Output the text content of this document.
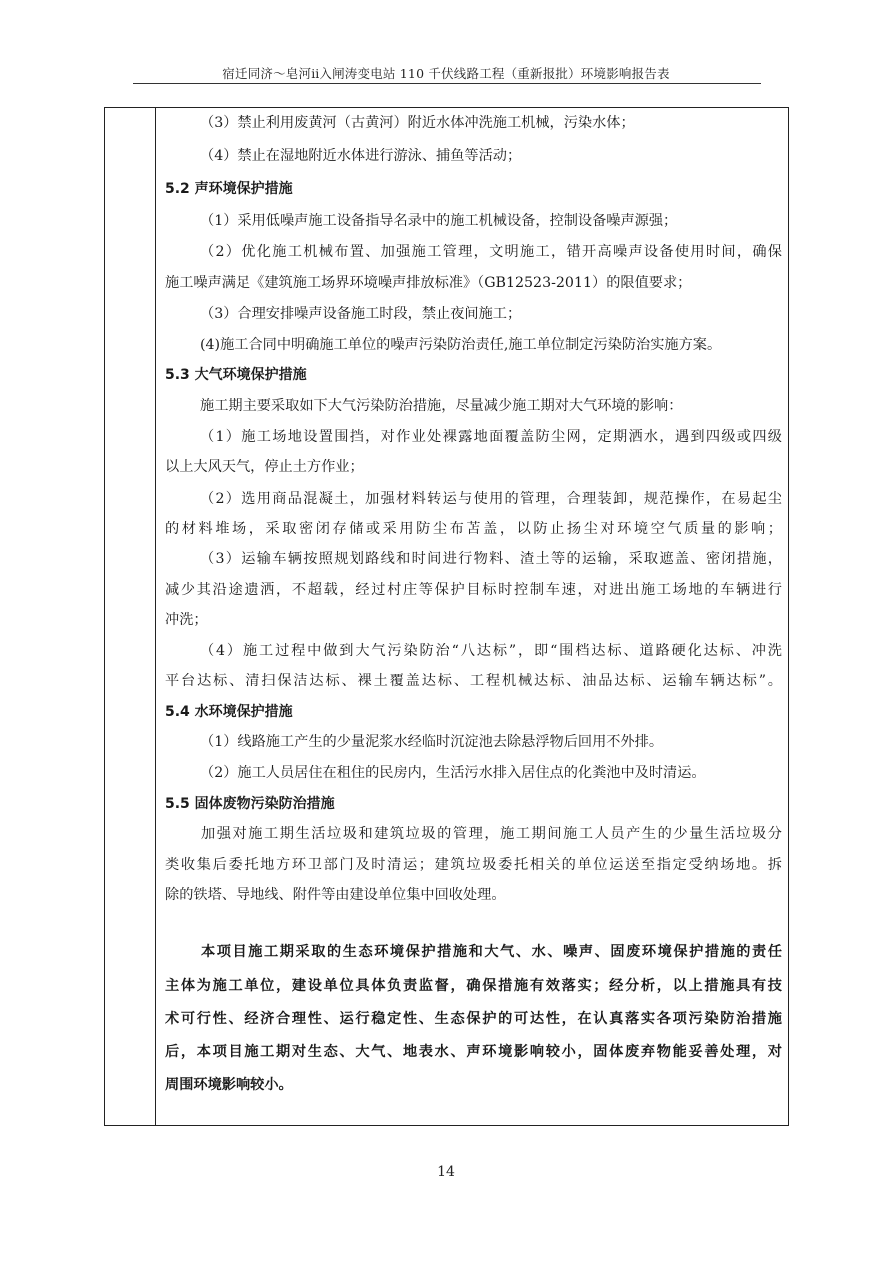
宿迁同济～皂河ⅱ入闸涛变电站 110 千伏线路工程（重新报批）环境影响报告表
（3）禁止利用废黄河（古黄河）附近水体冲洗施工机械，污染水体；
（4）禁止在湿地附近水体进行游泳、捕鱼等活动；
5.2 声环境保护措施
（1）采用低噪声施工设备指导名录中的施工机械设备，控制设备噪声源强；
（2）优化施工机械布置、加强施工管理，文明施工，错开高噪声设备使用时间，确保
施工噪声满足《建筑施工场界环境噪声排放标准》（GB12523-2011）的限值要求；
（3）合理安排噪声设备施工时段，禁止夜间施工；
(4)施工合同中明确施工单位的噪声污染防治责任,施工单位制定污染防治实施方案。
5.3 大气环境保护措施
施工期主要采取如下大气污染防治措施，尽量减少施工期对大气环境的影响：
（1）施工场地设置围挡，对作业处裸露地面覆盖防尘网，定期洒水，遇到四级或四级
以上大风天气，停止土方作业；
（2）选用商品混凝土，加强材料转运与使用的管理，合理装卸，规范操作，在易起尘
的材料堆场，采取密闭存储或采用防尘布苫盖，以防止扬尘对环境空气质量的影响；
（3）运输车辆按照规划路线和时间进行物料、渣土等的运输，采取遮盖、密闭措施，
减少其沿途遗洒，不超载，经过村庄等保护目标时控制车速，对进出施工场地的车辆进行
冲洗；
（4）施工过程中做到大气污染防治“八达标”，即“围档达标、道路硬化达标、冲洗
平台达标、清扫保洁达标、裸土覆盖达标、工程机械达标、油品达标、运输车辆达标”。
5.4 水环境保护措施
（1）线路施工产生的少量泥浆水经临时沉淀池去除悬浮物后回用不外排。
（2）施工人员居住在租住的民房内，生活污水排入居住点的化粪池中及时清运。
5.5 固体废物污染防治措施
加强对施工期生活垃圾和建筑垃圾的管理，施工期间施工人员产生的少量生活垃圾分
类收集后委托地方环卫部门及时清运；建筑垃圾委托相关的单位运送至指定受纳场地。拆
除的铁塔、导地线、附件等由建设单位集中回收处理。
本项目施工期采取的生态环境保护措施和大气、水、噪声、固废环境保护措施的责任
主体为施工单位，建设单位具体负责监督，确保措施有效落实；经分析，以上措施具有技
术可行性、经济合理性、运行稳定性、生态保护的可达性，在认真落实各项污染防治措施
后，本项目施工期对生态、大气、地表水、声环境影响较小，固体废弃物能妥善处理，对
周围环境影响较小。
14
